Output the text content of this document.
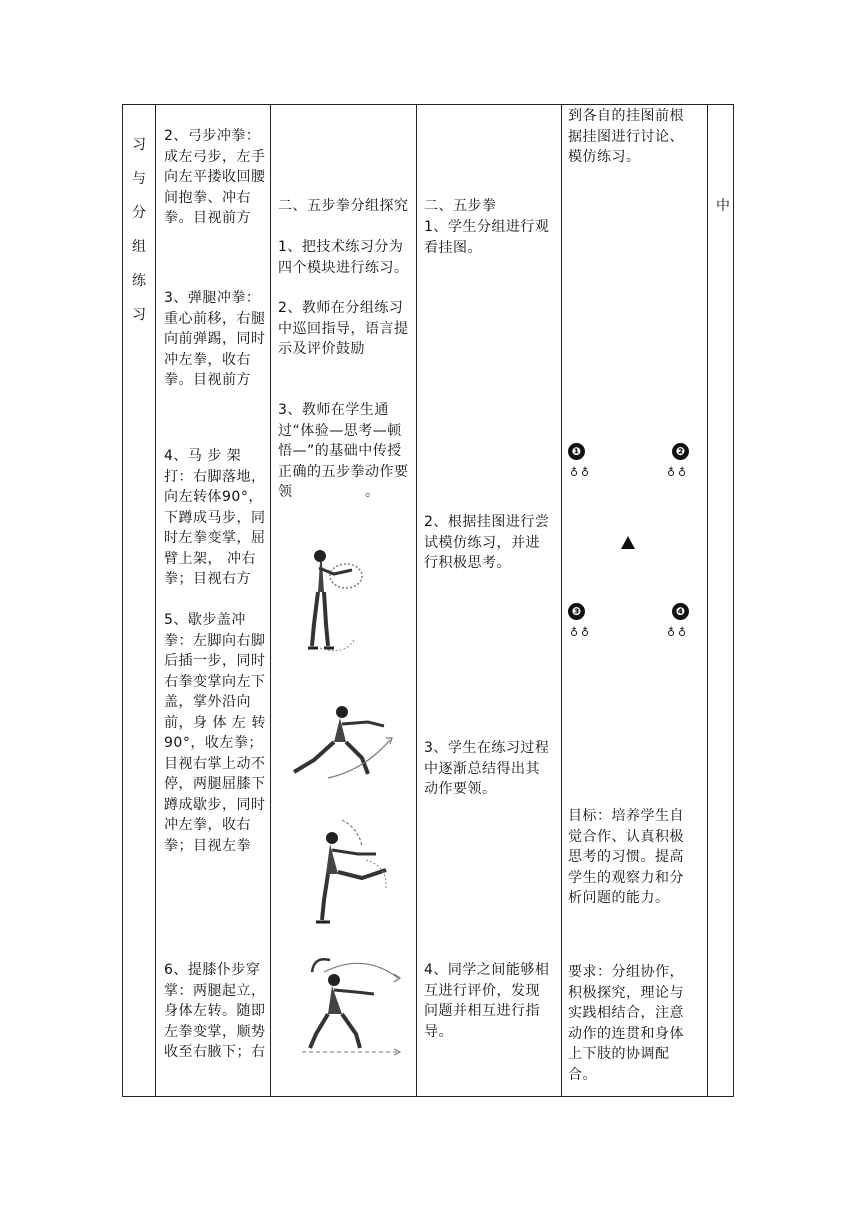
习与分组练习
2、弓步冲拳：成左弓步，左手向左平搂收回腰间抱拳、冲右拳。目视前方
3、弹腿冲拳：重心前移，右腿向前弹踢，同时冲左拳，收右拳。目视前方
4、马 步 架 打：右脚落地，向左转体90°，下蹲成马步，同时左拳变掌，屈臂上架， 冲右拳；目视右方
5、歇步盖冲拳：左脚向右脚后插一步，同时右拳变掌向左下盖，掌外沿向前，身 体 左 转90°，收左拳；目视右掌上动不停，两腿屈膝下蹲成歇步，同时冲左拳，收右拳；目视左拳
6、提膝仆步穿掌：两腿起立， 身体左转。随即左拳变掌，顺势收至右腋下；右
二、五步拳分组探究
1、把技术练习分为四个模块进行练习。
2、教师在分组练习中巡回指导，语言提示及评价鼓励
3、教师在学生通过“体验—思考—顿悟—”的基础中传授正确的五步拳动作要领　　　　　。
二、五步拳
1、学生分组进行观看挂图。
2、根据挂图进行尝试模仿练习，并进行积极思考。
3、学生在练习过程中逐渐总结得出其动作要领。
4、同学之间能够相互进行评价，发现问题并相互进行指导。
到各自的挂图前根据挂图进行讨论、模仿练习。
❶
♁♁
❷
♁♁
❸
♁♁
❹
♁♁
目标：培养学生自觉合作、认真积极思考的习惯。提高学生的观察力和分析问题的能力。
要求：分组协作，积极探究，理论与实践相结合，注意动作的连贯和身体上下肢的协调配合。
中
